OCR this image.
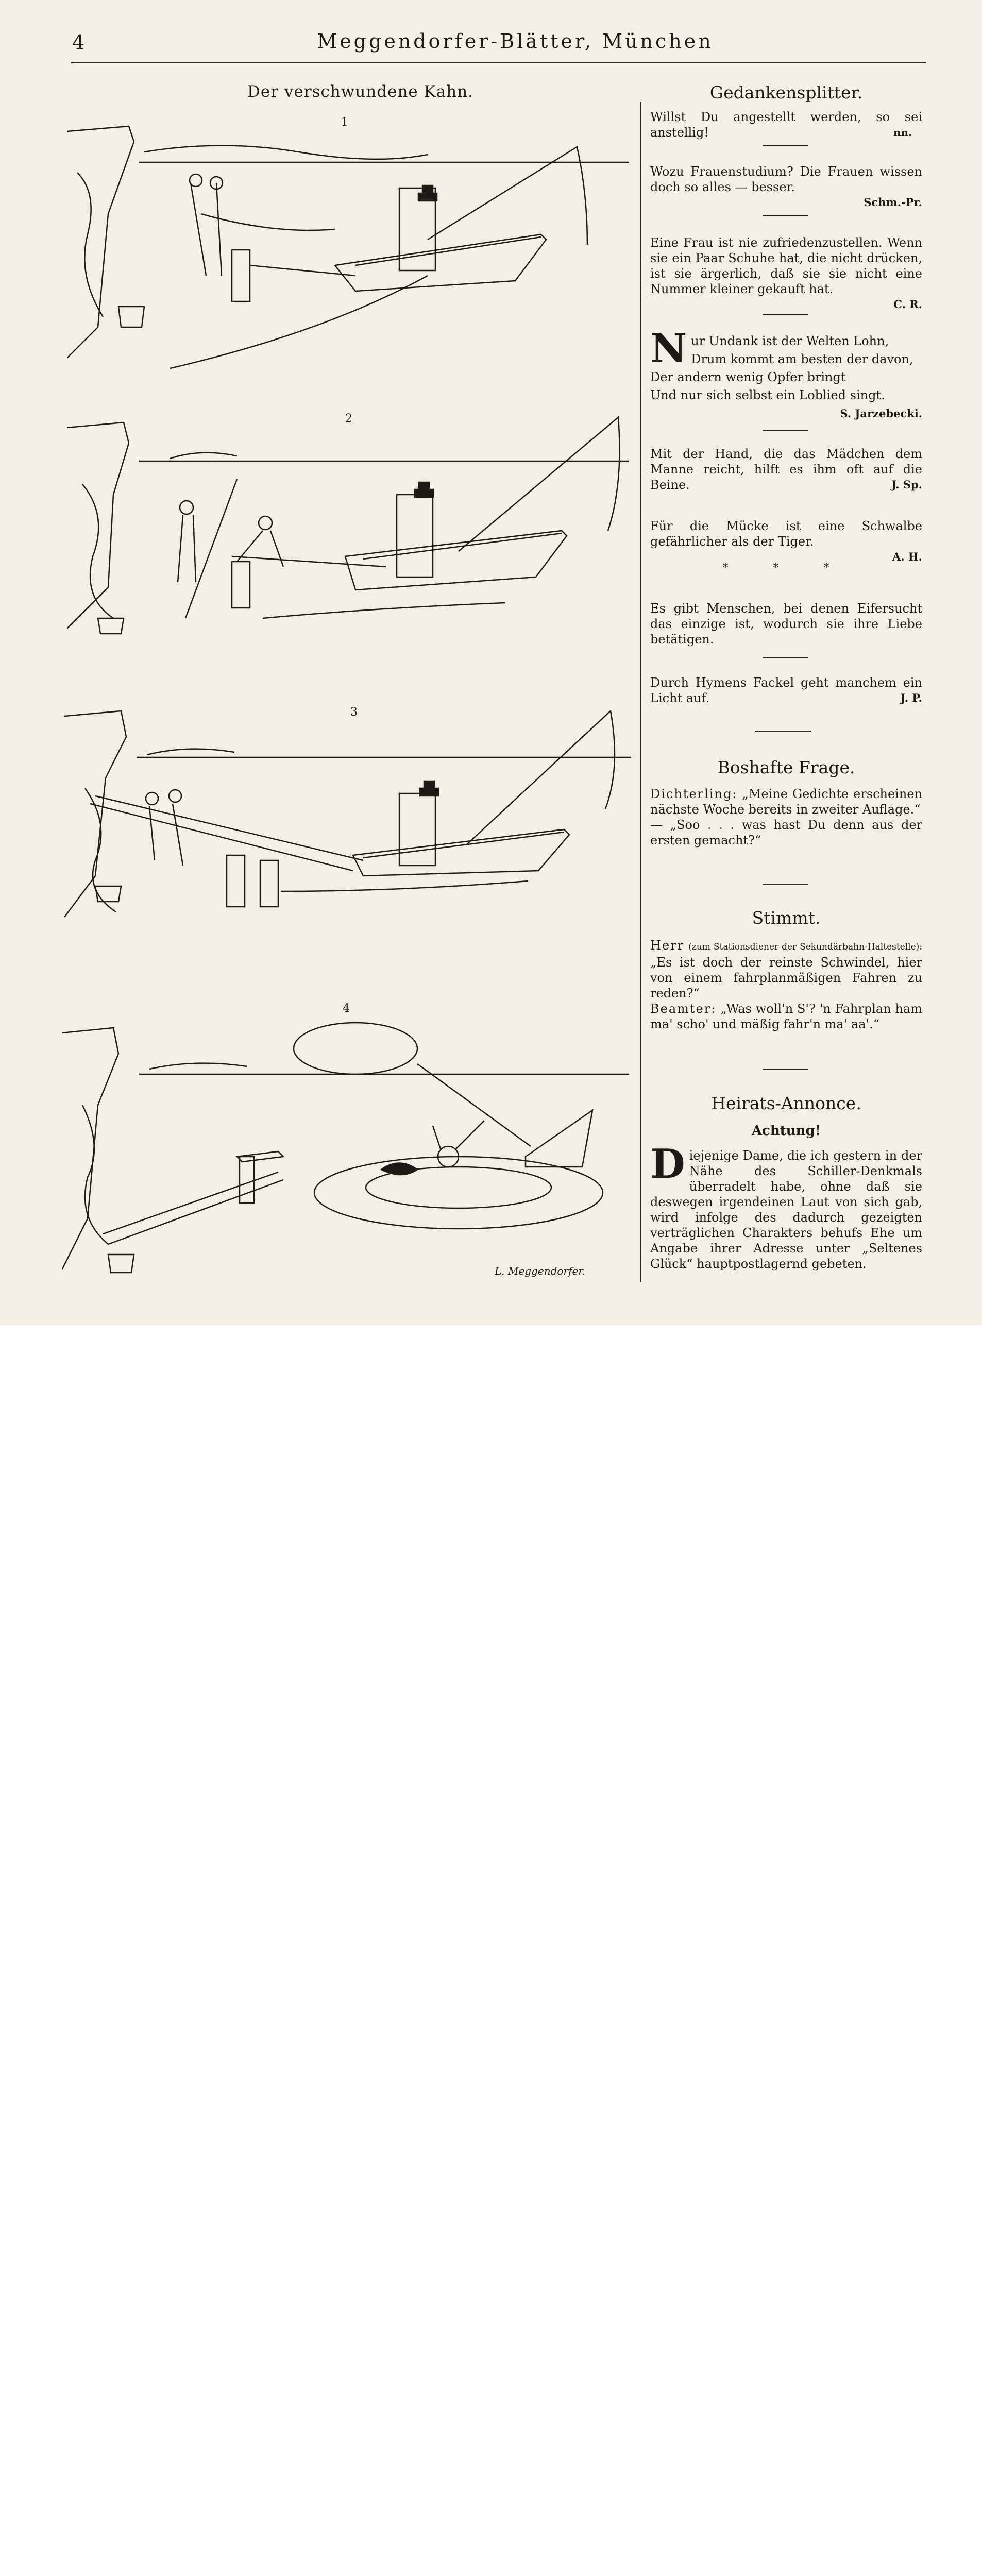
4	Meggendorfer-Blätter, München
Der verschwundene Kahn.
1
2
3
4
L. Meggendorfer.
Gedankensplitter.
Willst Du angestellt werden, so sei anstellig!	nn.
Wozu Frauenstudium? Die Frauen wissen doch so alles — besser.
Schm.-Pr.
Eine Frau ist nie zufriedenzustellen. Wenn sie ein Paar Schuhe hat, die nicht drücken, ist sie ärgerlich, daß sie sie nicht eine Nummer kleiner gekauft hat.
C. R.
N ur Undank ist der Welten Lohn,
Drum kommt am besten der davon,
Der andern wenig Opfer bringt
Und nur sich selbst ein Loblied singt.
S. Jarzebecki.
Mit der Hand, die das Mädchen dem Manne reicht, hilft es ihm oft auf die Beine.	J. Sp.
Für die Mücke ist eine Schwalbe gefährlicher als der Tiger.
A. H.
* * *
Es gibt Menschen, bei denen Eifersucht das einzige ist, wodurch sie ihre Liebe betätigen.
Durch Hymens Fackel geht manchem ein Licht auf.	J. P.
Boshafte Frage.
Dichterling: „Meine Gedichte erscheinen nächste Woche bereits in zweiter Auflage.“
— „Soo . . . was hast Du denn aus der ersten gemacht?“
Stimmt.
Herr (zum Stationsdiener der Sekundärbahn-Haltestelle): „Es ist doch der reinste Schwindel, hier von einem fahrplanmäßigen Fahren zu reden?“
Beamter: „Was woll'n S'? 'n Fahrplan ham ma' scho' und mäßig fahr'n ma' aa'.“
Heirats-Annonce.
Achtung!
D iejenige Dame, die ich gestern in der Nähe des Schiller-Denkmals überradelt habe, ohne daß sie deswegen irgendeinen Laut von sich gab, wird infolge des dadurch gezeigten verträglichen Charakters behufs Ehe um Angabe ihrer Adresse unter „Seltenes Glück“ hauptpostlagernd gebeten.
